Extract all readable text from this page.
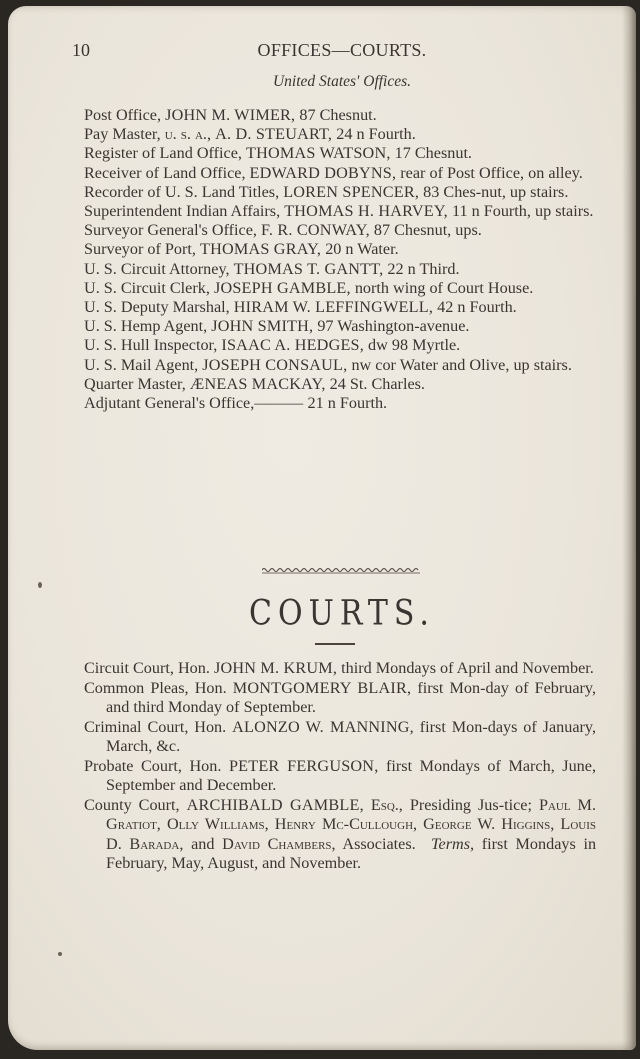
10	OFFICES—COURTS.
United States' Offices.

Post Office, JOHN M. WIMER, 87 Chesnut.

Pay Master, u. s. a., A. D. STEUART, 24 n Fourth.

Register of Land Office, THOMAS WATSON, 17 Chesnut.

Receiver of Land Office, EDWARD DOBYNS, rear of Post Office, on alley.

Recorder of U. S. Land Titles, LOREN SPENCER, 83 Ches-nut, up stairs.

Superintendent Indian Affairs, THOMAS H. HARVEY, 11 n Fourth, up stairs.

Surveyor General's Office, F. R. CONWAY, 87 Chesnut, ups.

Surveyor of Port, THOMAS GRAY, 20 n Water.

U. S. Circuit Attorney, THOMAS T. GANTT, 22 n Third.

U. S. Circuit Clerk, JOSEPH GAMBLE, north wing of Court House.

U. S. Deputy Marshal, HIRAM W. LEFFINGWELL, 42 n Fourth.

U. S. Hemp Agent, JOHN SMITH, 97 Washington-avenue.

U. S. Hull Inspector, ISAAC A. HEDGES, dw 98 Myrtle.

U. S. Mail Agent, JOSEPH CONSAUL, nw cor Water and Olive, up stairs.

Quarter Master, ÆNEAS MACKAY, 24 St. Charles.

Adjutant General's Office,——— 21 n Fourth.

COURTS.

Circuit Court, Hon. JOHN M. KRUM, third Mondays of April and November.

Common Pleas, Hon. MONTGOMERY BLAIR, first Mon-day of February, and third Monday of September.

Criminal Court, Hon. ALONZO W. MANNING, first Mon-days of January, March, &c.

Probate Court, Hon. PETER FERGUSON, first Mondays of March, June, September and December.

County Court, ARCHIBALD GAMBLE, Esq., Presiding Jus-tice; Paul M. Gratiot, Olly Williams, Henry Mc-Cullough, George W. Higgins, Louis D. Barada, and David Chambers, Associates. Terms, first Mondays in February, May, August, and November.
